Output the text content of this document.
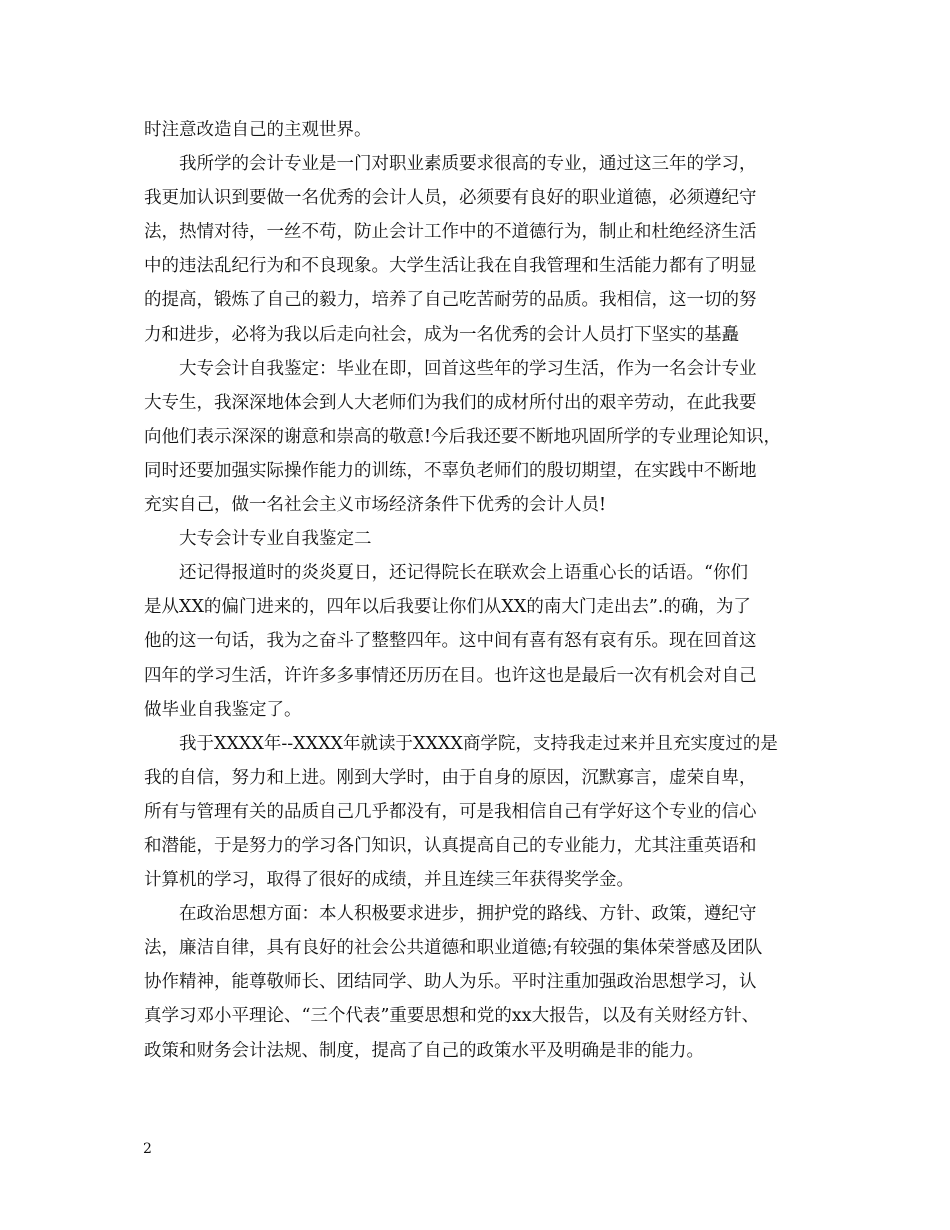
时注意改造自己的主观世界。
我所学的会计专业是一门对职业素质要求很高的专业，通过这三年的学习，
我更加认识到要做一名优秀的会计人员，必须要有良好的职业道德，必须遵纪守
法，热情对待，一丝不苟，防止会计工作中的不道德行为，制止和杜绝经济生活
中的违法乱纪行为和不良现象。大学生活让我在自我管理和生活能力都有了明显
的提高，锻炼了自己的毅力，培养了自己吃苦耐劳的品质。我相信，这一切的努
力和进步，必将为我以后走向社会，成为一名优秀的会计人员打下坚实的基矗
大专会计自我鉴定：毕业在即，回首这些年的学习生活，作为一名会计专业
大专生，我深深地体会到人大老师们为我们的成材所付出的艰辛劳动，在此我要
向他们表示深深的谢意和崇高的敬意!今后我还要不断地巩固所学的专业理论知识，
同时还要加强实际操作能力的训练，不辜负老师们的殷切期望，在实践中不断地
充实自己，做一名社会主义市场经济条件下优秀的会计人员!
大专会计专业自我鉴定二
还记得报道时的炎炎夏日，还记得院长在联欢会上语重心长的话语。“你们
是从XX的偏门进来的，四年以后我要让你们从XX的南大门走出去”.的确，为了
他的这一句话，我为之奋斗了整整四年。这中间有喜有怒有哀有乐。现在回首这
四年的学习生活，许许多多事情还历历在目。也许这也是最后一次有机会对自己
做毕业自我鉴定了。
我于XXXX年--XXXX年就读于XXXX商学院，支持我走过来并且充实度过的是
我的自信，努力和上进。刚到大学时，由于自身的原因，沉默寡言，虚荣自卑，
所有与管理有关的品质自己几乎都没有，可是我相信自己有学好这个专业的信心
和潜能，于是努力的学习各门知识，认真提高自己的专业能力，尤其注重英语和
计算机的学习，取得了很好的成绩，并且连续三年获得奖学金。
在政治思想方面：本人积极要求进步，拥护党的路线、方针、政策，遵纪守
法，廉洁自律，具有良好的社会公共道德和职业道德;有较强的集体荣誉感及团队
协作精神，能尊敬师长、团结同学、助人为乐。平时注重加强政治思想学习，认
真学习邓小平理论、“三个代表”重要思想和党的xx大报告，以及有关财经方针、
政策和财务会计法规、制度，提高了自己的政策水平及明确是非的能力。
2
